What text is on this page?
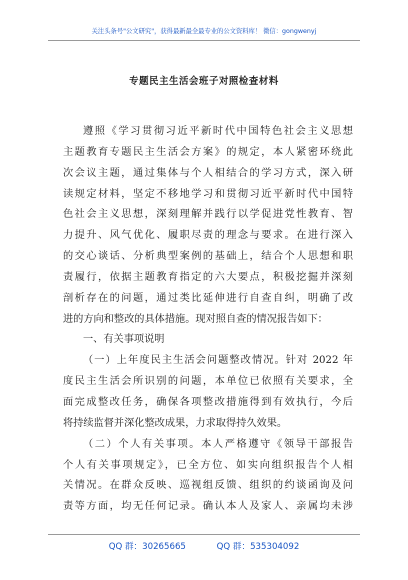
关注头条号"公文研究"，获得最新最全最专业的公文资料库！ 微信：gongwenyj
专题民主生活会班子对照检查材料
遵照《学习贯彻习近平新时代中国特色社会主义思想
主题教育专题民主生活会方案》的规定，本人紧密环绕此
次会议主题，通过集体与个人相结合的学习方式，深入研
读规定材料，坚定不移地学习和贯彻习近平新时代中国特
色社会主义思想，深刻理解并践行以学促进党性教育、智
力提升、风气优化、履职尽责的理念与要求。在进行深入
的交心谈话、分析典型案例的基础上，结合个人思想和职
责履行，依据主题教育指定的六大要点，积极挖掘并深刻
剖析存在的问题，通过类比延伸进行自查自纠，明确了改
进的方向和整改的具体措施。现对照自查的情况报告如下：
一、有关事项说明
（一）上年度民主生活会问题整改情况。针对 2022 年
度民主生活会所识别的问题，本单位已依照有关要求，全
面完成整改任务，确保各项整改措施得到有效执行，今后
将持续监督并深化整改成果，力求取得持久效果。
（二）个人有关事项。本人严格遵守《领导干部报告
个人有关事项规定》，已全方位、如实向组织报告个人相
关情况。在群众反映、巡视组反馈、组织的约谈函询及问
责等方面，均无任何记录。确认本人及家人、亲属均未涉
QQ 群：30265665	QQ 群：535304092
